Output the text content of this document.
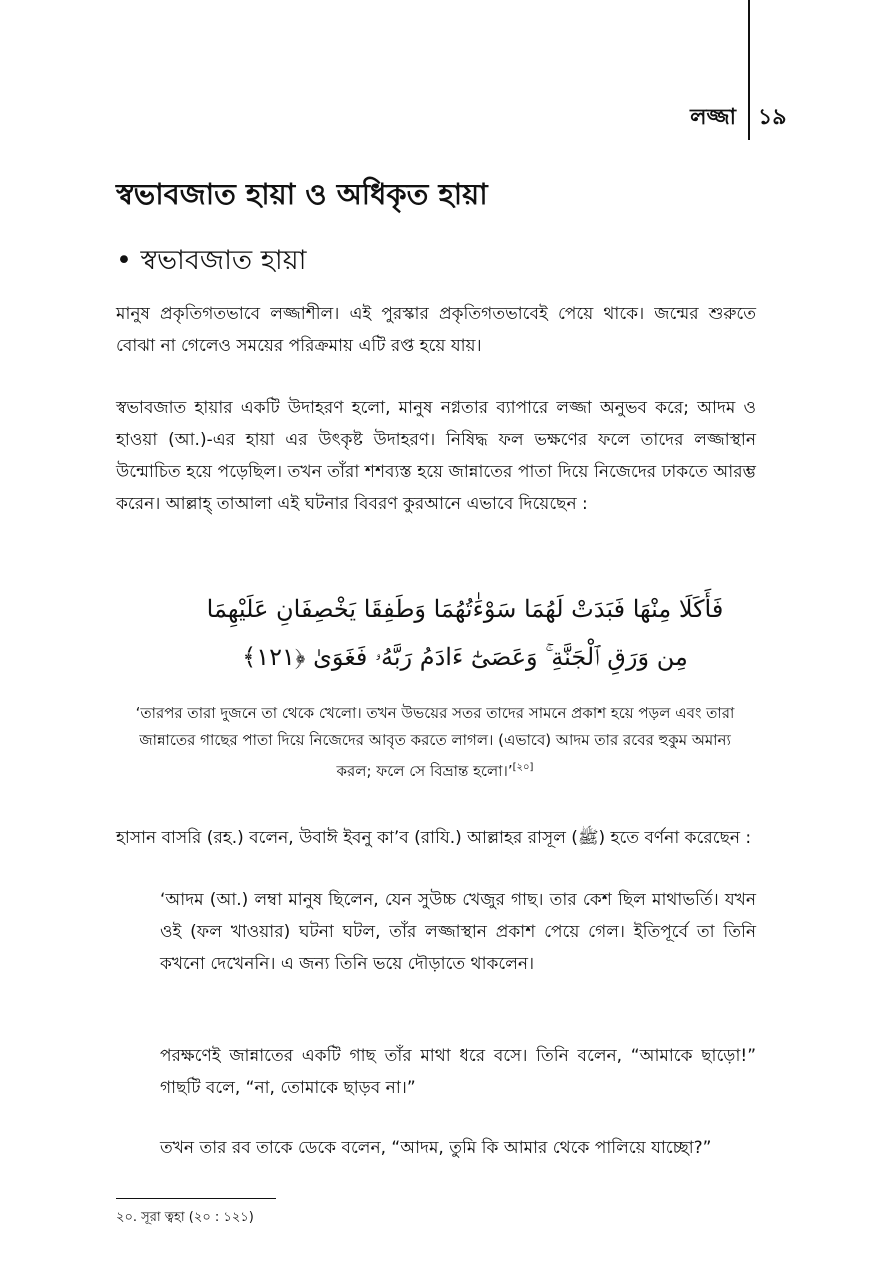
লজ্জা ১৯
স্বভাবজাত হায়া ও অধিকৃত হায়া
• স্বভাবজাত হায়া

মানুষ প্রকৃতিগতভাবে লজ্জাশীল। এই পুরস্কার প্রকৃতিগতভাবেই পেয়ে থাকে। জন্মের শুরুতে বোঝা না গেলেও সময়ের পরিক্রমায় এটি রপ্ত হয়ে যায়।

স্বভাবজাত হায়ার একটি উদাহরণ হলো, মানুষ নগ্নতার ব্যাপারে লজ্জা অনুভব করে; আদম ও হাওয়া (আ.)-এর হায়া এর উৎকৃষ্ট উদাহরণ। নিষিদ্ধ ফল ভক্ষণের ফলে তাদের লজ্জাস্থান উন্মোচিত হয়ে পড়েছিল। তখন তাঁরা শশব্যস্ত হয়ে জান্নাতের পাতা দিয়ে নিজেদের ঢাকতে আরম্ভ করেন। আল্লাহ্ তাআলা এই ঘটনার বিবরণ কুরআনে এভাবে দিয়েছেন :

فَأَكَلَا مِنْهَا فَبَدَتْ لَهُمَا سَوْءَٰتُهُمَا وَطَفِقَا يَخْصِفَانِ عَلَيْهِمَا مِن وَرَقِ ٱلْجَنَّةِ ۚ وَعَصَىٰٓ ءَادَمُ رَبَّهُۥ فَغَوَىٰ ﴿١٢١﴾

‘তারপর তারা দুজনে তা থেকে খেলো। তখন উভয়ের সতর তাদের সামনে প্রকাশ হয়ে পড়ল এবং তারা জান্নাতের গাছের পাতা দিয়ে নিজেদের আবৃত করতে লাগল। (এভাবে) আদম তার রবের হুকুম অমান্য করল; ফলে সে বিভ্রান্ত হলো।’[২০]

হাসান বাসরি (রহ.) বলেন, উবাঈ ইবনু কা’ব (রাযি.) আল্লাহর রাসূল (ﷺ) হতে বর্ণনা করেছেন :

‘আদম (আ.) লম্বা মানুষ ছিলেন, যেন সুউচ্চ খেজুর গাছ। তার কেশ ছিল মাথাভর্তি। যখন ওই (ফল খাওয়ার) ঘটনা ঘটল, তাঁর লজ্জাস্থান প্রকাশ পেয়ে গেল। ইতিপূর্বে তা তিনি কখনো দেখেননি। এ জন্য তিনি ভয়ে দৌড়াতে থাকলেন।

পরক্ষণেই জান্নাতের একটি গাছ তাঁর মাথা ধরে বসে। তিনি বলেন, “আমাকে ছাড়ো!” গাছটি বলে, “না, তোমাকে ছাড়ব না।”

তখন তার রব তাকে ডেকে বলেন, “আদম, তুমি কি আমার থেকে পালিয়ে যাচ্ছো?”

২০. সূরা ত্বহা (২০ : ১২১)
